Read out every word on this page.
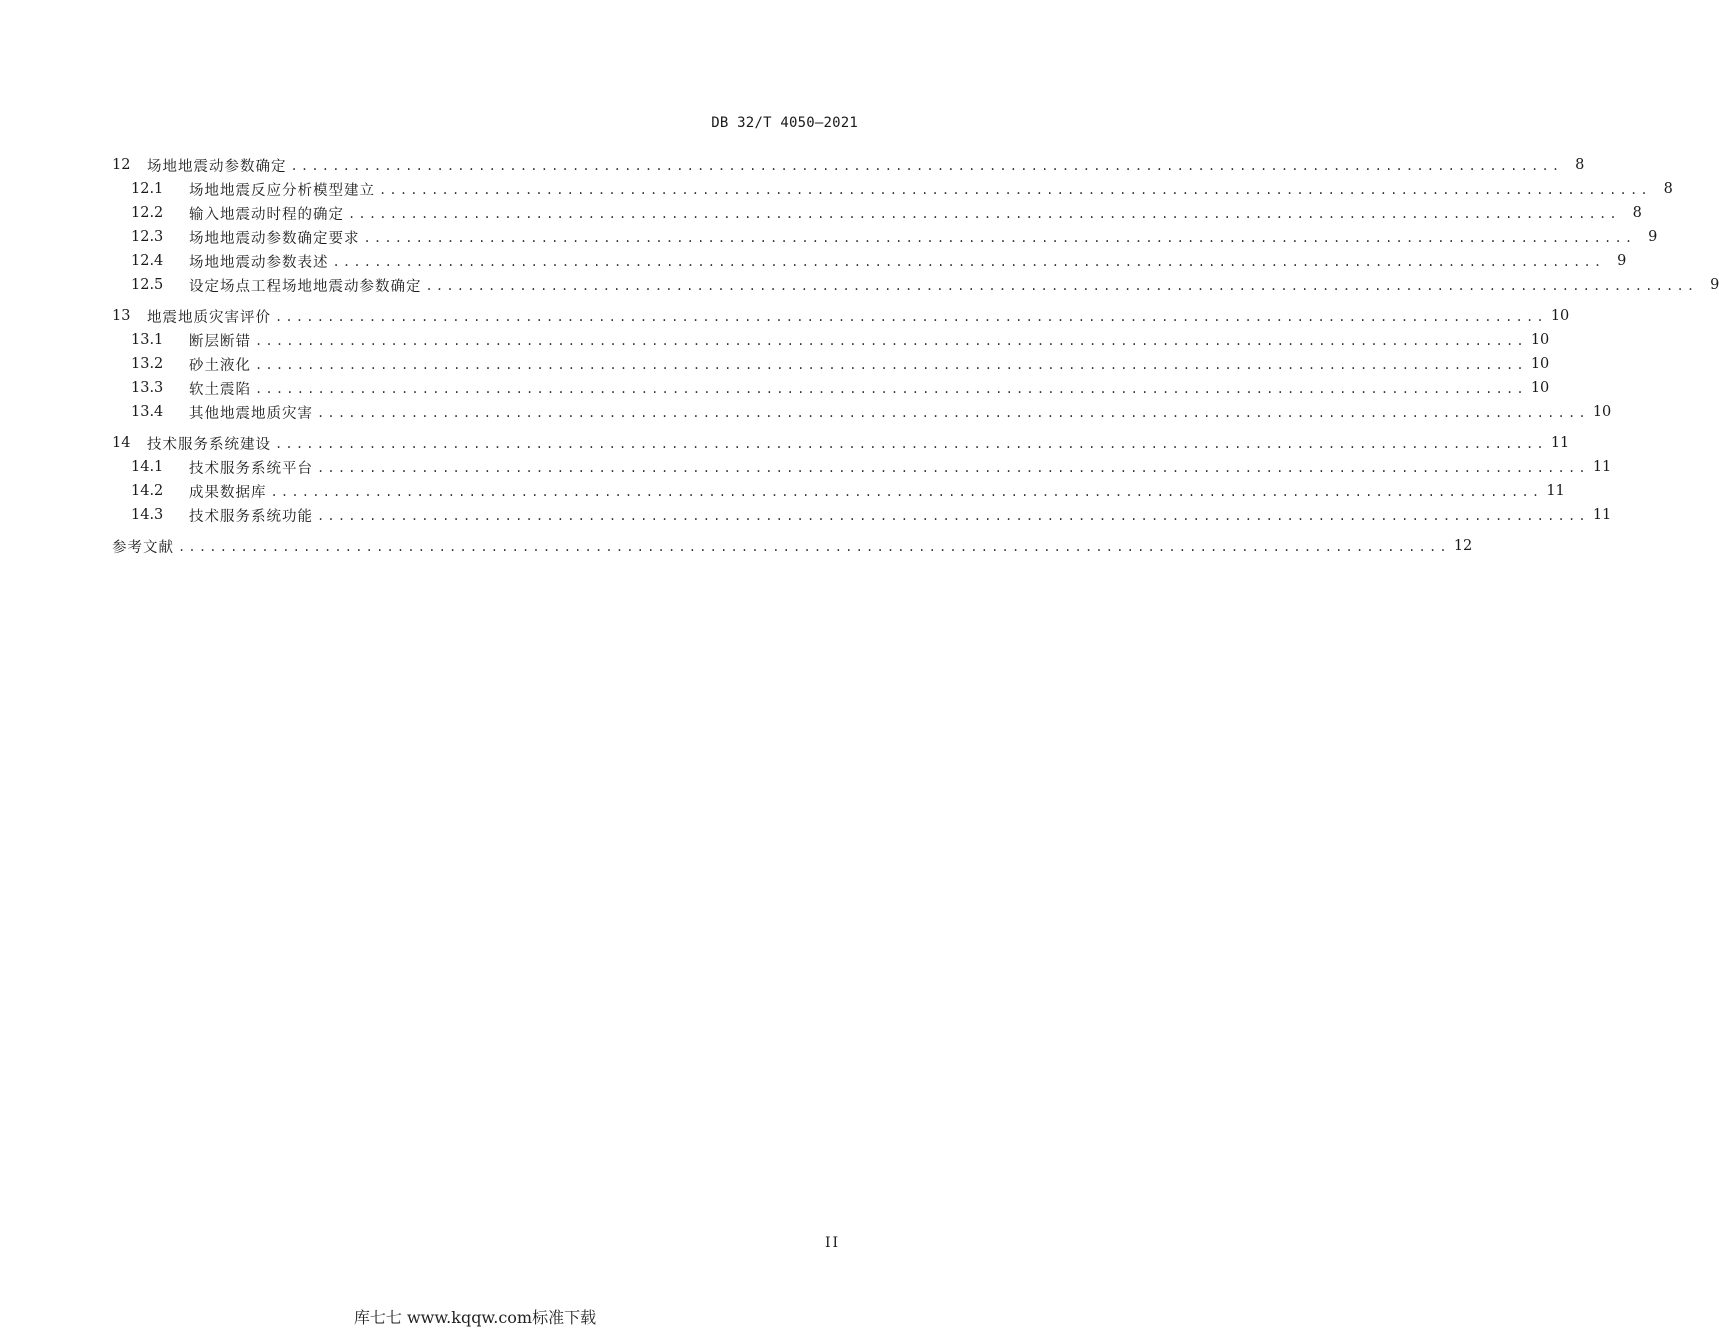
DB 32/T 4050—2021
12	场地地震动参数确定 .......................................................................................................................... 8
12.1	场地地震反应分析模型建立 .......................................................................................................................... 8
12.2	输入地震动时程的确定 .......................................................................................................................... 8
12.3	场地地震动参数确定要求 .......................................................................................................................... 9
12.4	场地地震动参数表述 .......................................................................................................................... 9
12.5	设定场点工程场地地震动参数确定 .......................................................................................................................... 9
13	地震地质灾害评价 .......................................................................................................................... 10
13.1	断层断错 .......................................................................................................................... 10
13.2	砂土液化 .......................................................................................................................... 10
13.3	软土震陷 .......................................................................................................................... 10
13.4	其他地震地质灾害 .......................................................................................................................... 10
14	技术服务系统建设 .......................................................................................................................... 11
14.1	技术服务系统平台 .......................................................................................................................... 11
14.2	成果数据库 .......................................................................................................................... 11
14.3	技术服务系统功能 .......................................................................................................................... 11
参考文献 .......................................................................................................................... 12
II
库七七 www.kqqw.com标准下载
